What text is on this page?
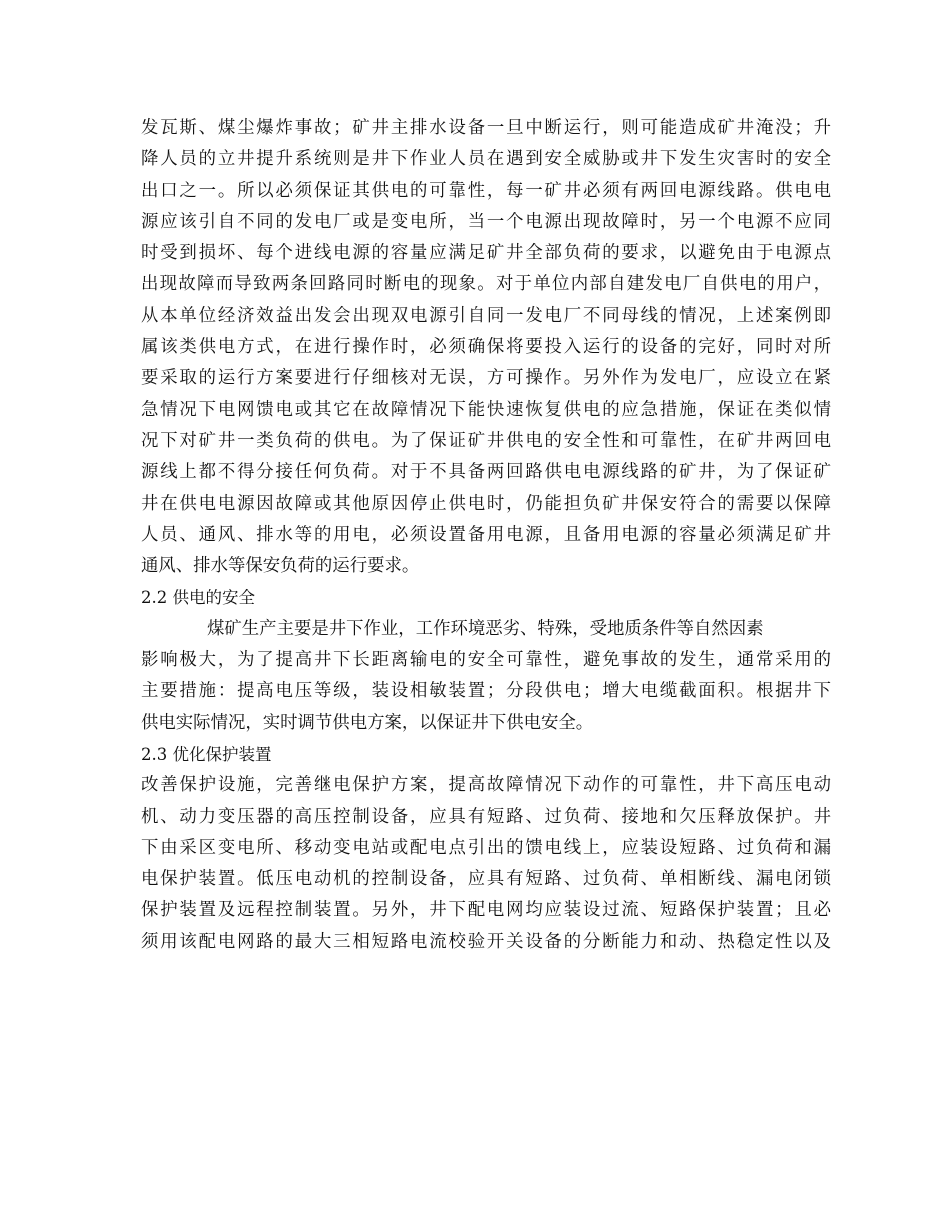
发瓦斯、煤尘爆炸事故；矿井主排水设备一旦中断运行，则可能造成矿井淹没；升
降人员的立井提升系统则是井下作业人员在遇到安全威胁或井下发生灾害时的安全
出口之一。所以必须保证其供电的可靠性，每一矿井必须有两回电源线路。供电电
源应该引自不同的发电厂或是变电所，当一个电源出现故障时，另一个电源不应同
时受到损坏、每个进线电源的容量应满足矿井全部负荷的要求，以避免由于电源点
出现故障而导致两条回路同时断电的现象。对于单位内部自建发电厂自供电的用户，
从本单位经济效益出发会出现双电源引自同一发电厂不同母线的情况，上述案例即
属该类供电方式，在进行操作时，必须确保将要投入运行的设备的完好，同时对所
要采取的运行方案要进行仔细核对无误，方可操作。另外作为发电厂，应设立在紧
急情况下电网馈电或其它在故障情况下能快速恢复供电的应急措施，保证在类似情
况下对矿井一类负荷的供电。为了保证矿井供电的安全性和可靠性，在矿井两回电
源线上都不得分接任何负荷。对于不具备两回路供电电源线路的矿井，为了保证矿
井在供电电源因故障或其他原因停止供电时，仍能担负矿井保安符合的需要以保障
人员、通风、排水等的用电，必须设置备用电源，且备用电源的容量必须满足矿井
通风、排水等保安负荷的运行要求。
2.2 供电的安全
煤矿生产主要是井下作业，工作环境恶劣、特殊，受地质条件等自然因素
影响极大，为了提高井下长距离输电的安全可靠性，避免事故的发生，通常采用的
主要措施：提高电压等级，装设相敏装置；分段供电；增大电缆截面积。根据井下
供电实际情况，实时调节供电方案，以保证井下供电安全。
2.3 优化保护装置
改善保护设施，完善继电保护方案，提高故障情况下动作的可靠性，井下高压电动
机、动力变压器的高压控制设备，应具有短路、过负荷、接地和欠压释放保护。井
下由采区变电所、移动变电站或配电点引出的馈电线上，应装设短路、过负荷和漏
电保护装置。低压电动机的控制设备，应具有短路、过负荷、单相断线、漏电闭锁
保护装置及远程控制装置。另外，井下配电网均应装设过流、短路保护装置；且必
须用该配电网路的最大三相短路电流校验开关设备的分断能力和动、热稳定性以及
